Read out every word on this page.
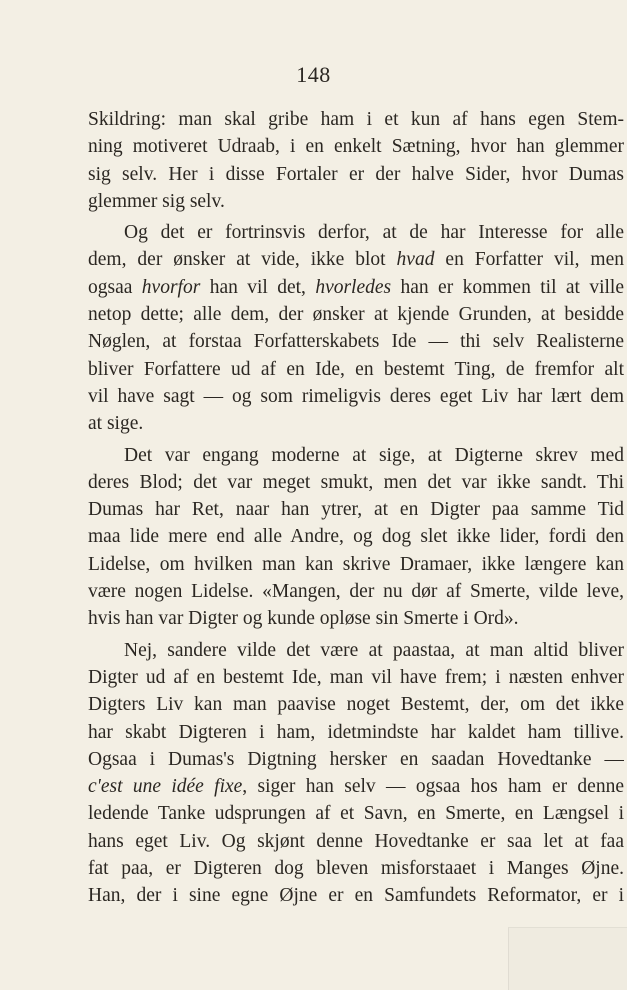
148
Skildring: man skal gribe ham i et kun af hans egen Stem-
ning motiveret Udraab, i en enkelt Sætning, hvor han glemmer
sig selv. Her i disse Fortaler er der halve Sider, hvor Dumas
glemmer sig selv.
Og det er fortrinsvis derfor, at de har Interesse for alle
dem, der ønsker at vide, ikke blot hvad en Forfatter vil, men
ogsaa hvorfor han vil det, hvorledes han er kommen til at ville
netop dette; alle dem, der ønsker at kjende Grunden, at besidde
Nøglen, at forstaa Forfatterskabets Ide — thi selv Realisterne
bliver Forfattere ud af en Ide, en bestemt Ting, de fremfor alt
vil have sagt — og som rimeligvis deres eget Liv har lært dem
at sige.
Det var engang moderne at sige, at Digterne skrev med
deres Blod; det var meget smukt, men det var ikke sandt. Thi
Dumas har Ret, naar han ytrer, at en Digter paa samme Tid
maa lide mere end alle Andre, og dog slet ikke lider, fordi den
Lidelse, om hvilken man kan skrive Dramaer, ikke længere kan
være nogen Lidelse. «Mangen, der nu dør af Smerte, vilde leve,
hvis han var Digter og kunde opløse sin Smerte i Ord».
Nej, sandere vilde det være at paastaa, at man altid bliver
Digter ud af en bestemt Ide, man vil have frem; i næsten enhver
Digters Liv kan man paavise noget Bestemt, der, om det ikke
har skabt Digteren i ham, idetmindste har kaldet ham tillive.
Ogsaa i Dumas's Digtning hersker en saadan Hovedtanke —
c'est une idée fixe, siger han selv — ogsaa hos ham er denne
ledende Tanke udsprungen af et Savn, en Smerte, en Længsel i
hans eget Liv. Og skjønt denne Hovedtanke er saa let at faa
fat paa, er Digteren dog bleven misforstaaet i Manges Øjne.
Han, der i sine egne Øjne er en Samfundets Reformator, er i
